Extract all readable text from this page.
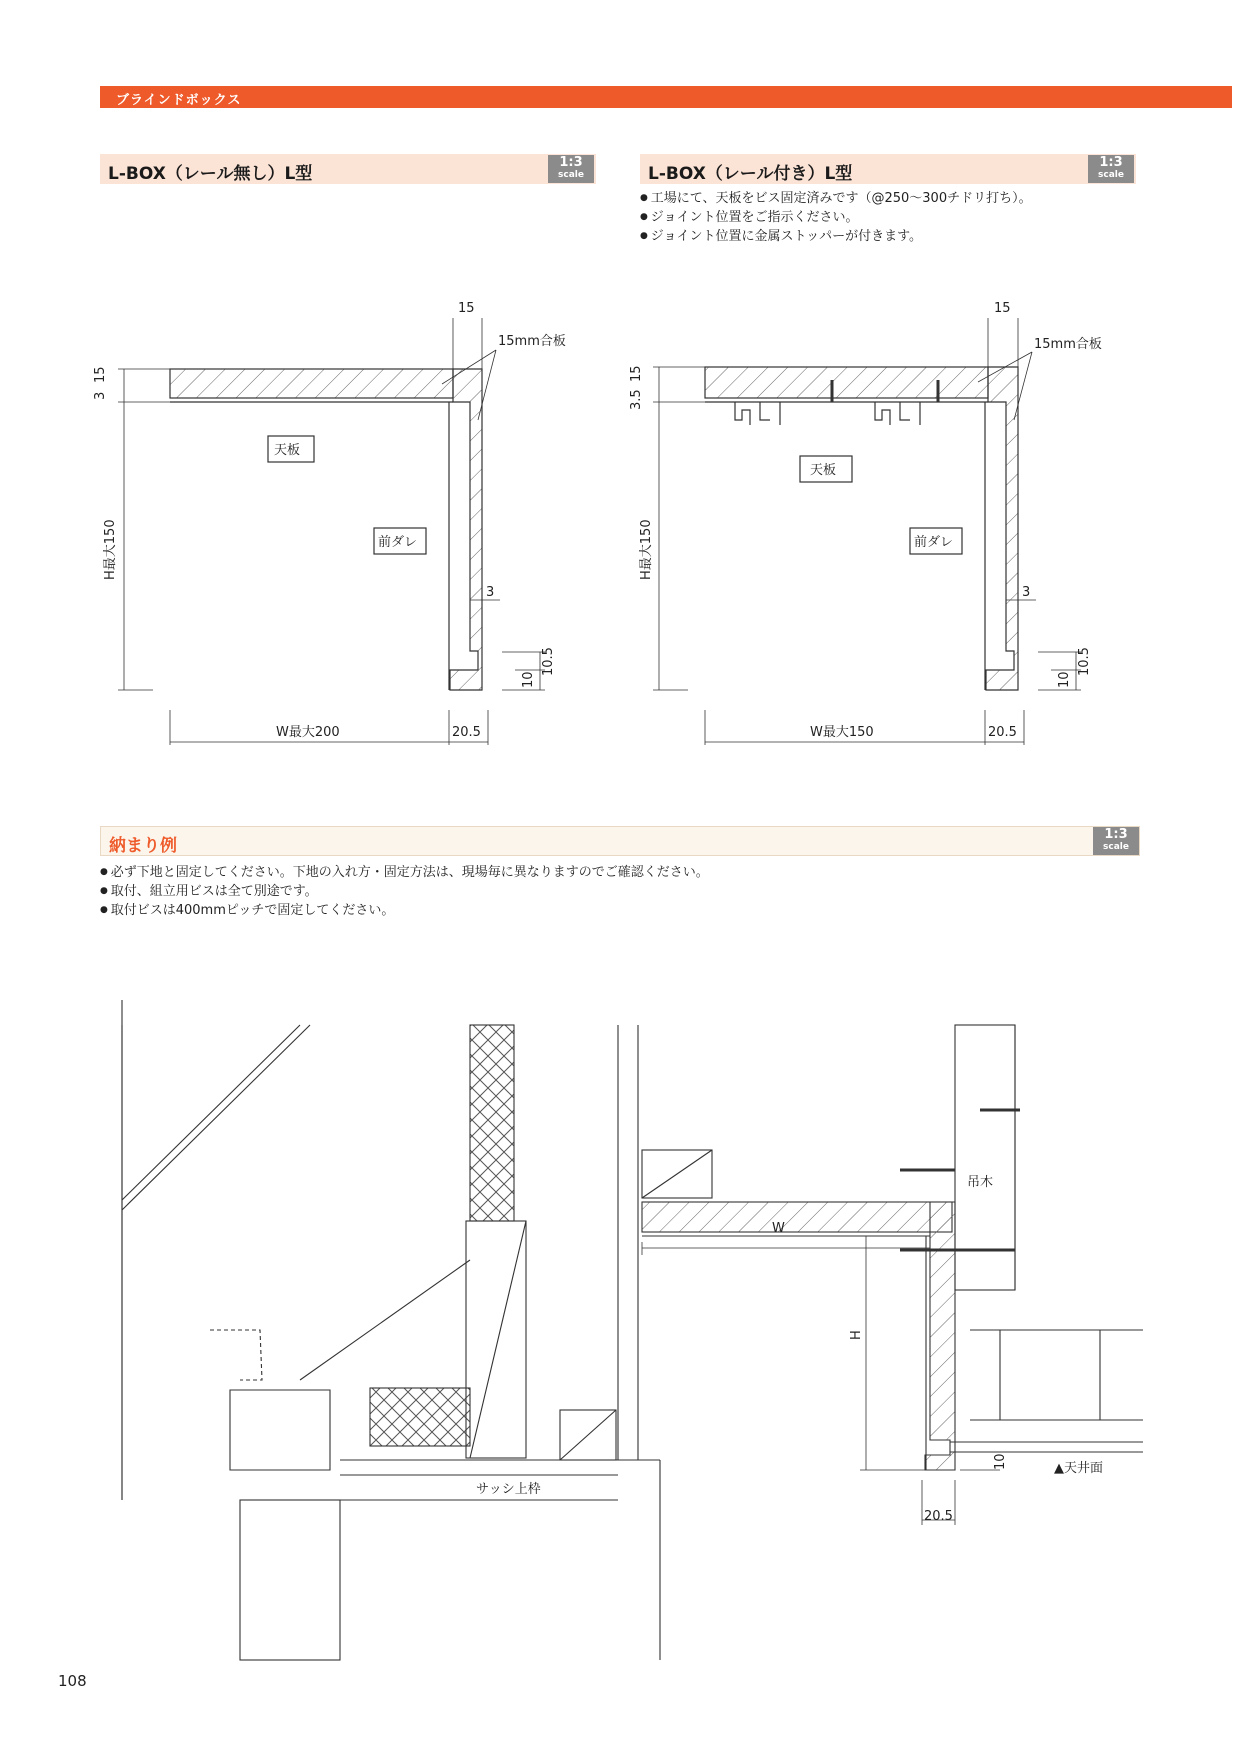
ブラインドボックス
L-BOX（レール無し）L型
1:3
scale	L-BOX（レール付き）L型
1:3
scale
● 工場にて、天板をビス固定済みです（@250〜300チドリ打ち）。
● ジョイント位置をご指示ください。
● ジョイント位置に金属ストッパーが付きます。
15
15mm合板
3
15
天板
前ダレ
H最大150
W最大200	20.5
3
10
10.5
15
15mm合板
3.5
15
天板
前ダレ
H最大150
W最大150	20.5
3
10
10.5
納まり例
1:3
scale
● 必ず下地と固定してください。下地の入れ方・固定方法は、現場毎に異なりますのでご確認ください。
● 取付、組立用ビスは全て別途です。
● 取付ビスは400mmピッチで固定してください。
W
H
吊木
サッシ上枠
▲天井面
10
20.5
108
